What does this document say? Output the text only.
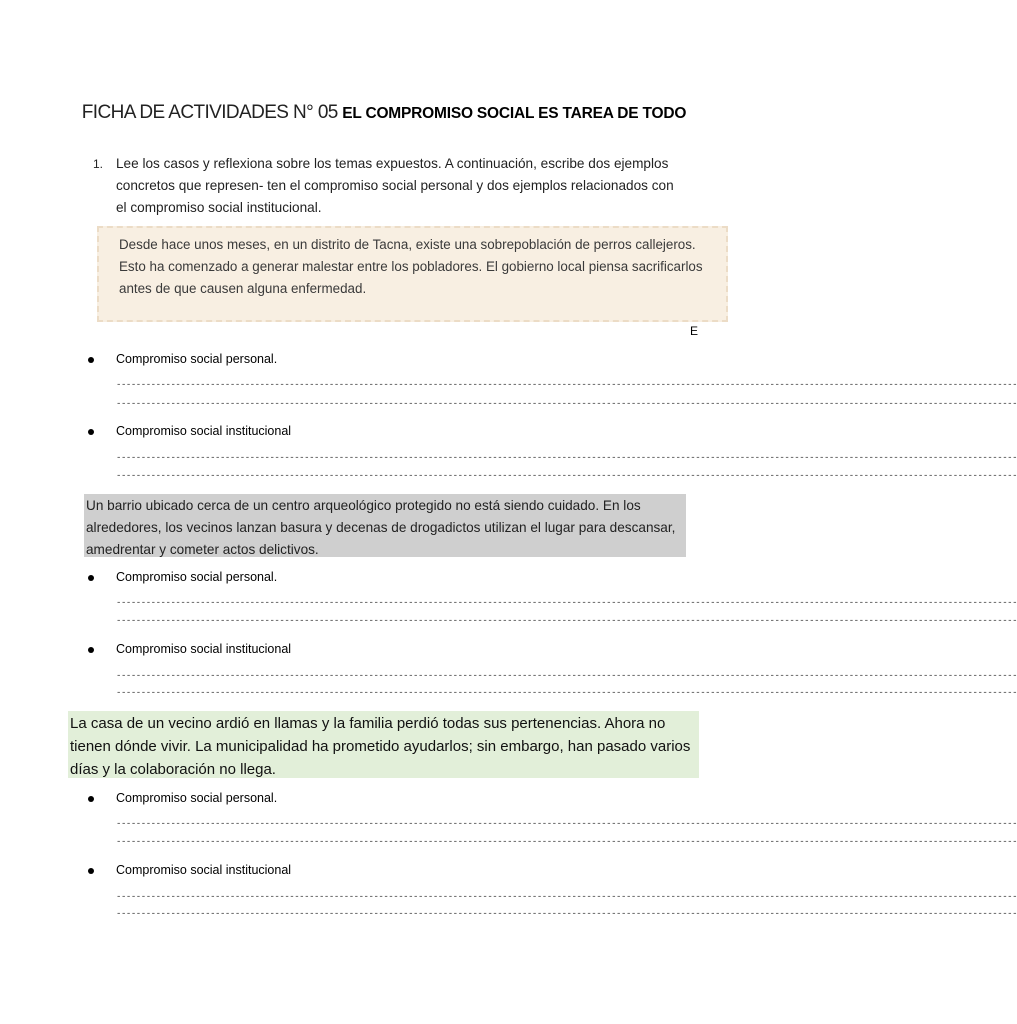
FICHA DE ACTIVIDADES N° 05 EL COMPROMISO SOCIAL ES TAREA DE TODO
1. Lee los casos y reflexiona sobre los temas expuestos. A continuación, escribe dos ejemplos concretos que represen- ten el compromiso social personal y dos ejemplos relacionados con el compromiso social institucional.
Desde hace unos meses, en un distrito de Tacna, existe una sobrepoblación de perros callejeros. Esto ha comenzado a generar malestar entre los pobladores. El gobierno local piensa sacrificarlos antes de que causen alguna enfermedad.
E
Compromiso social personal.
--------------------------------------------------------------------------------------------------------------------------------------------------------------------------------------
--------------------------------------------------------------------------------------------------------------------------------------------------------------------------------------
Compromiso social institucional
--------------------------------------------------------------------------------------------------------------------------------------------------------------------------------------
--------------------------------------------------------------------------------------------------------------------------------------------------------------------------------------
Un barrio ubicado cerca de un centro arqueológico protegido no está siendo cuidado. En los alrededores, los vecinos lanzan basura y decenas de drogadictos utilizan el lugar para descansar, amedrentar y cometer actos delictivos.
Compromiso social personal.
--------------------------------------------------------------------------------------------------------------------------------------------------------------------------------------
--------------------------------------------------------------------------------------------------------------------------------------------------------------------------------------
Compromiso social institucional
--------------------------------------------------------------------------------------------------------------------------------------------------------------------------------------
--------------------------------------------------------------------------------------------------------------------------------------------------------------------------------------
La casa de un vecino ardió en llamas y la familia perdió todas sus pertenencias. Ahora no tienen dónde vivir. La municipalidad ha prometido ayudarlos; sin embargo, han pasado varios días y la colaboración no llega.
Compromiso social personal.
--------------------------------------------------------------------------------------------------------------------------------------------------------------------------------------
--------------------------------------------------------------------------------------------------------------------------------------------------------------------------------------
Compromiso social institucional
--------------------------------------------------------------------------------------------------------------------------------------------------------------------------------------
--------------------------------------------------------------------------------------------------------------------------------------------------------------------------------------
